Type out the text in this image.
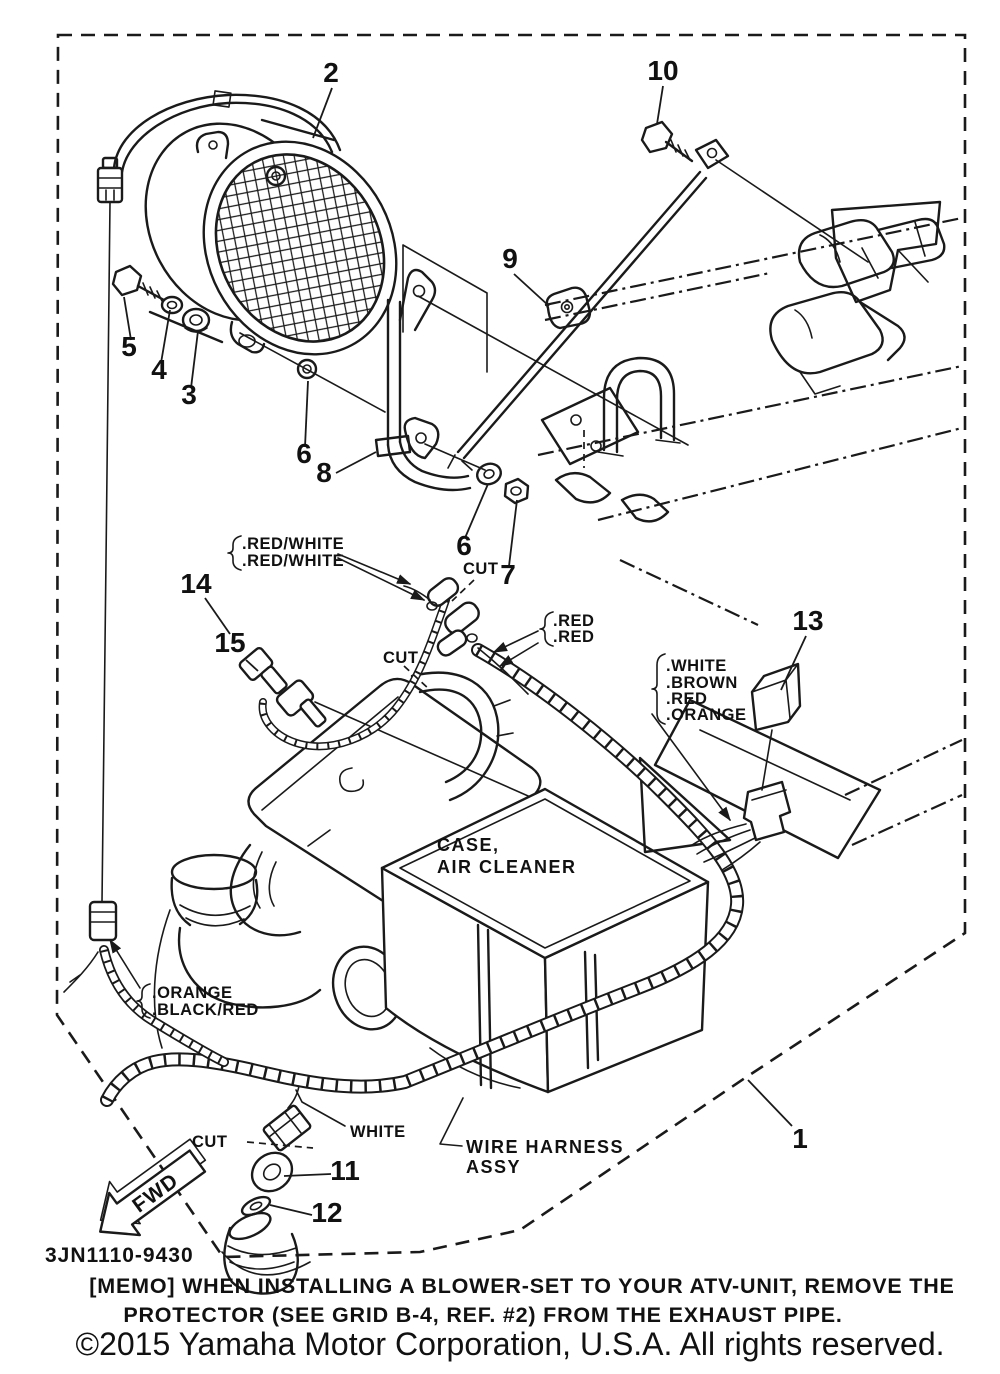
CASE,
AIR CLEANER
FWD
1
2
3
4
5
6
6
7
8
9
10
11
12
13
14
15
.RED/WHITE
.RED/WHITE	CUT
CUT
.RED
.RED
.WHITE
.BROWN
.RED
.ORANGE
.ORANGE
.BLACK/RED
CUT
WHITE
WIRE HARNESS
ASSY
3JN1110-9430
[MEMO] WHEN INSTALLING A BLOWER-SET TO YOUR ATV-UNIT, REMOVE THE
PROTECTOR (SEE GRID B-4, REF. #2) FROM THE EXHAUST PIPE.
©2015 Yamaha Motor Corporation, U.S.A. All rights reserved.
